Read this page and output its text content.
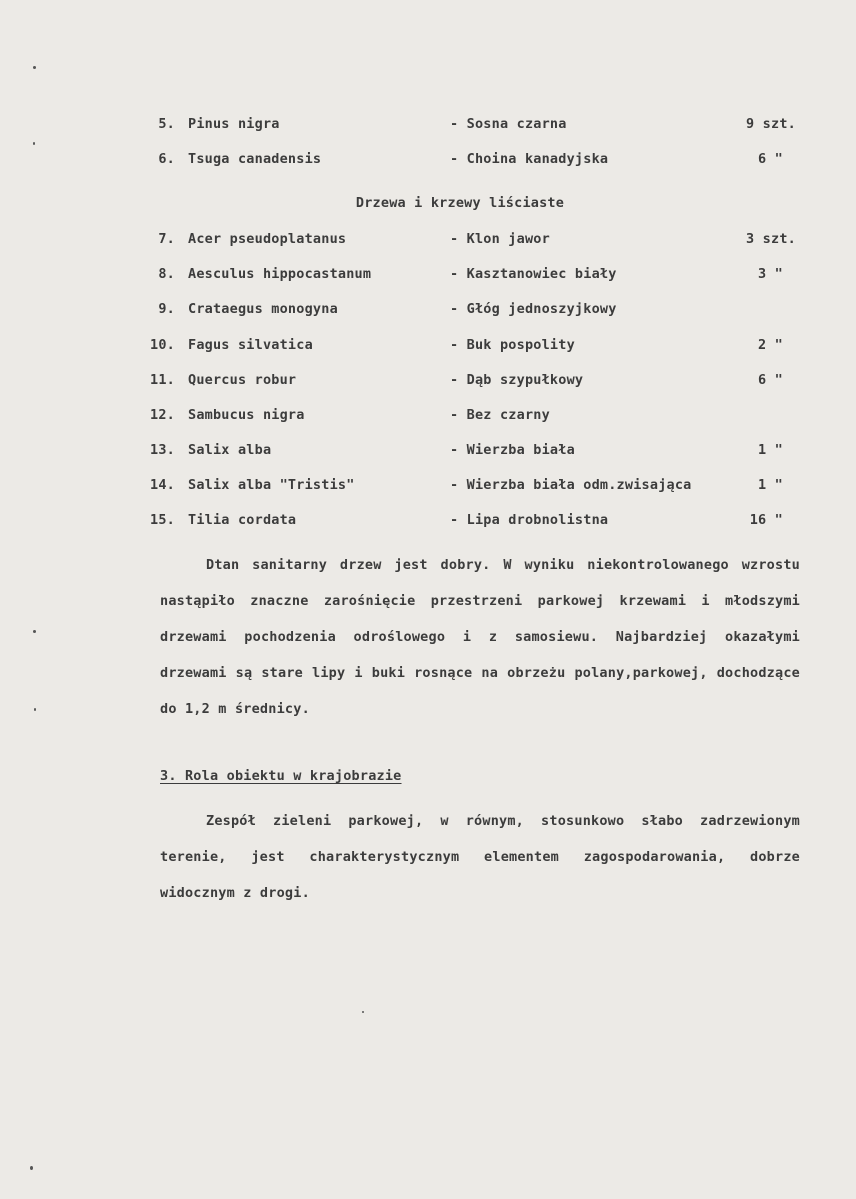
5. Pinus nigra	- Sosna czarna	9 szt.
6. Tsuga canadensis	- Choina kanadyjska	6 "
Drzewa i krzewy liściaste
7. Acer pseudoplatanus	- Klon jawor	3 szt.
8. Aesculus hippocastanum	- Kasztanowiec biały	3 "
9. Crataegus monogyna	- Głóg jednoszyjkowy
10. Fagus silvatica	- Buk pospolity	2 "
11. Quercus robur	- Dąb szypułkowy	6 "
12. Sambucus nigra	- Bez czarny
13. Salix alba	- Wierzba biała	1 "
14. Salix alba "Tristis"	- Wierzba biała odm.zwisająca	1 "
15. Tilia cordata	- Lipa drobnolistna	16 "
Dtan sanitarny drzew jest dobry. W wyniku niekontrolowanego wzrostu nastąpiło znaczne zarośnięcie przestrzeni parkowej krzewami i młodszymi drzewami pochodzenia odroślowego i z samosiewu. Najbardziej okazałymi drzewami są stare lipy i buki rosnące na obrzeżu polany,parkowej, dochodzące do 1,2 m średnicy.
3. Rola obiektu w krajobrazie
Zespół zieleni parkowej, w równym, stosunkowo słabo zadrzewionym terenie, jest charakterystycznym elementem zagospodarowania, dobrze widocznym z drogi.
